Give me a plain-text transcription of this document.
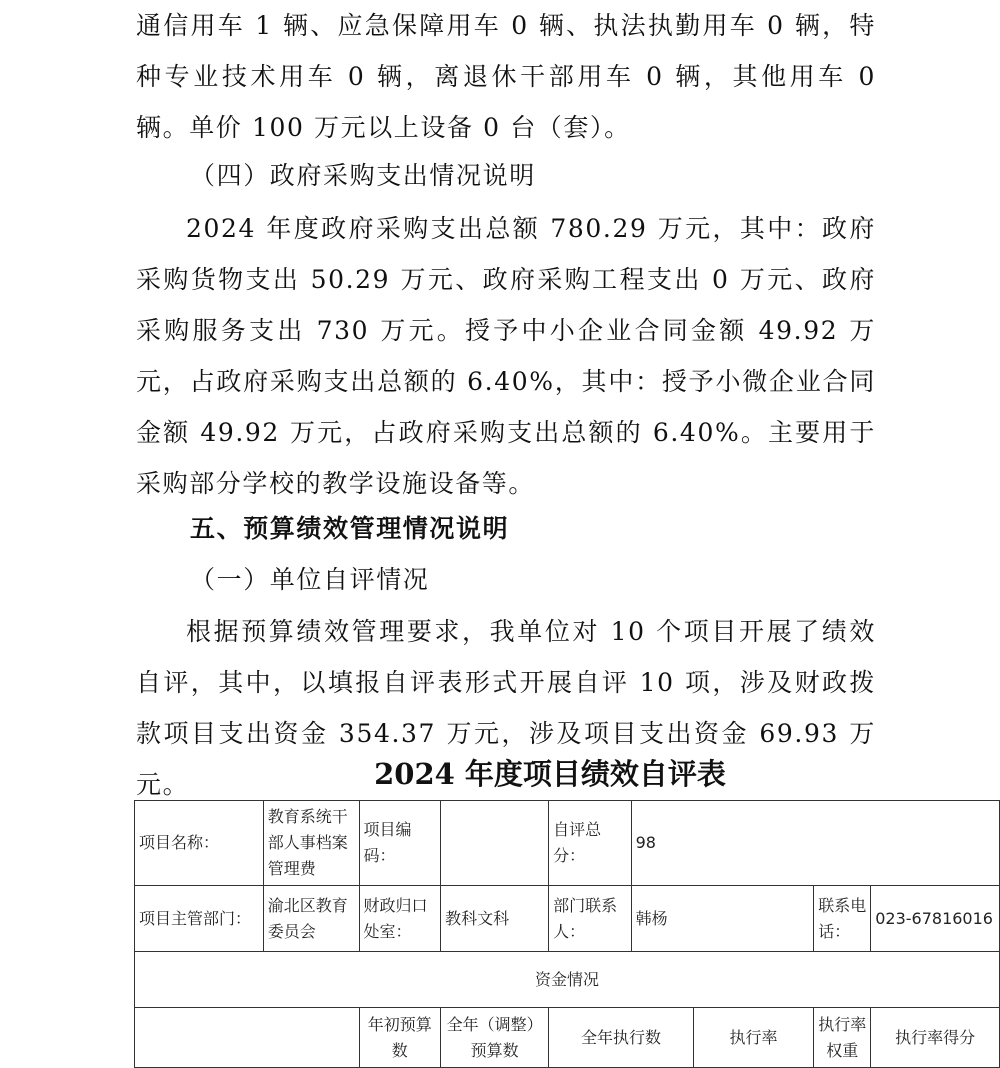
通信用车 1 辆、应急保障用车 0 辆、执法执勤用车 0 辆，特种专业技术用车 0 辆，离退休干部用车 0 辆，其他用车 0 辆。单价 100 万元以上设备 0 台（套）。
（四）政府采购支出情况说明
2024 年度政府采购支出总额 780.29 万元，其中：政府采购货物支出 50.29 万元、政府采购工程支出 0 万元、政府采购服务支出 730 万元。授予中小企业合同金额 49.92 万元，占政府采购支出总额的 6.40%，其中：授予小微企业合同金额 49.92 万元，占政府采购支出总额的 6.40%。主要用于采购部分学校的教学设施设备等。
五、预算绩效管理情况说明
（一）单位自评情况
根据预算绩效管理要求，我单位对 10 个项目开展了绩效自评，其中，以填报自评表形式开展自评 10 项，涉及财政拨款项目支出资金 354.37 万元，涉及项目支出资金 69.93 万元。	2024 年度项目绩效自评表
项目名称：	教育系统干部人事档案管理费	项目编码：		自评总分：	98			
项目主管部门：	渝北区教育委员会	财政归口处室：	教科文科	部门联系人：	韩杨		联系电话：	023-67816016
资金情况								
		年初预算数	全年（调整）预算数	全年执行数		执行率	执行率权重	执行率得分
